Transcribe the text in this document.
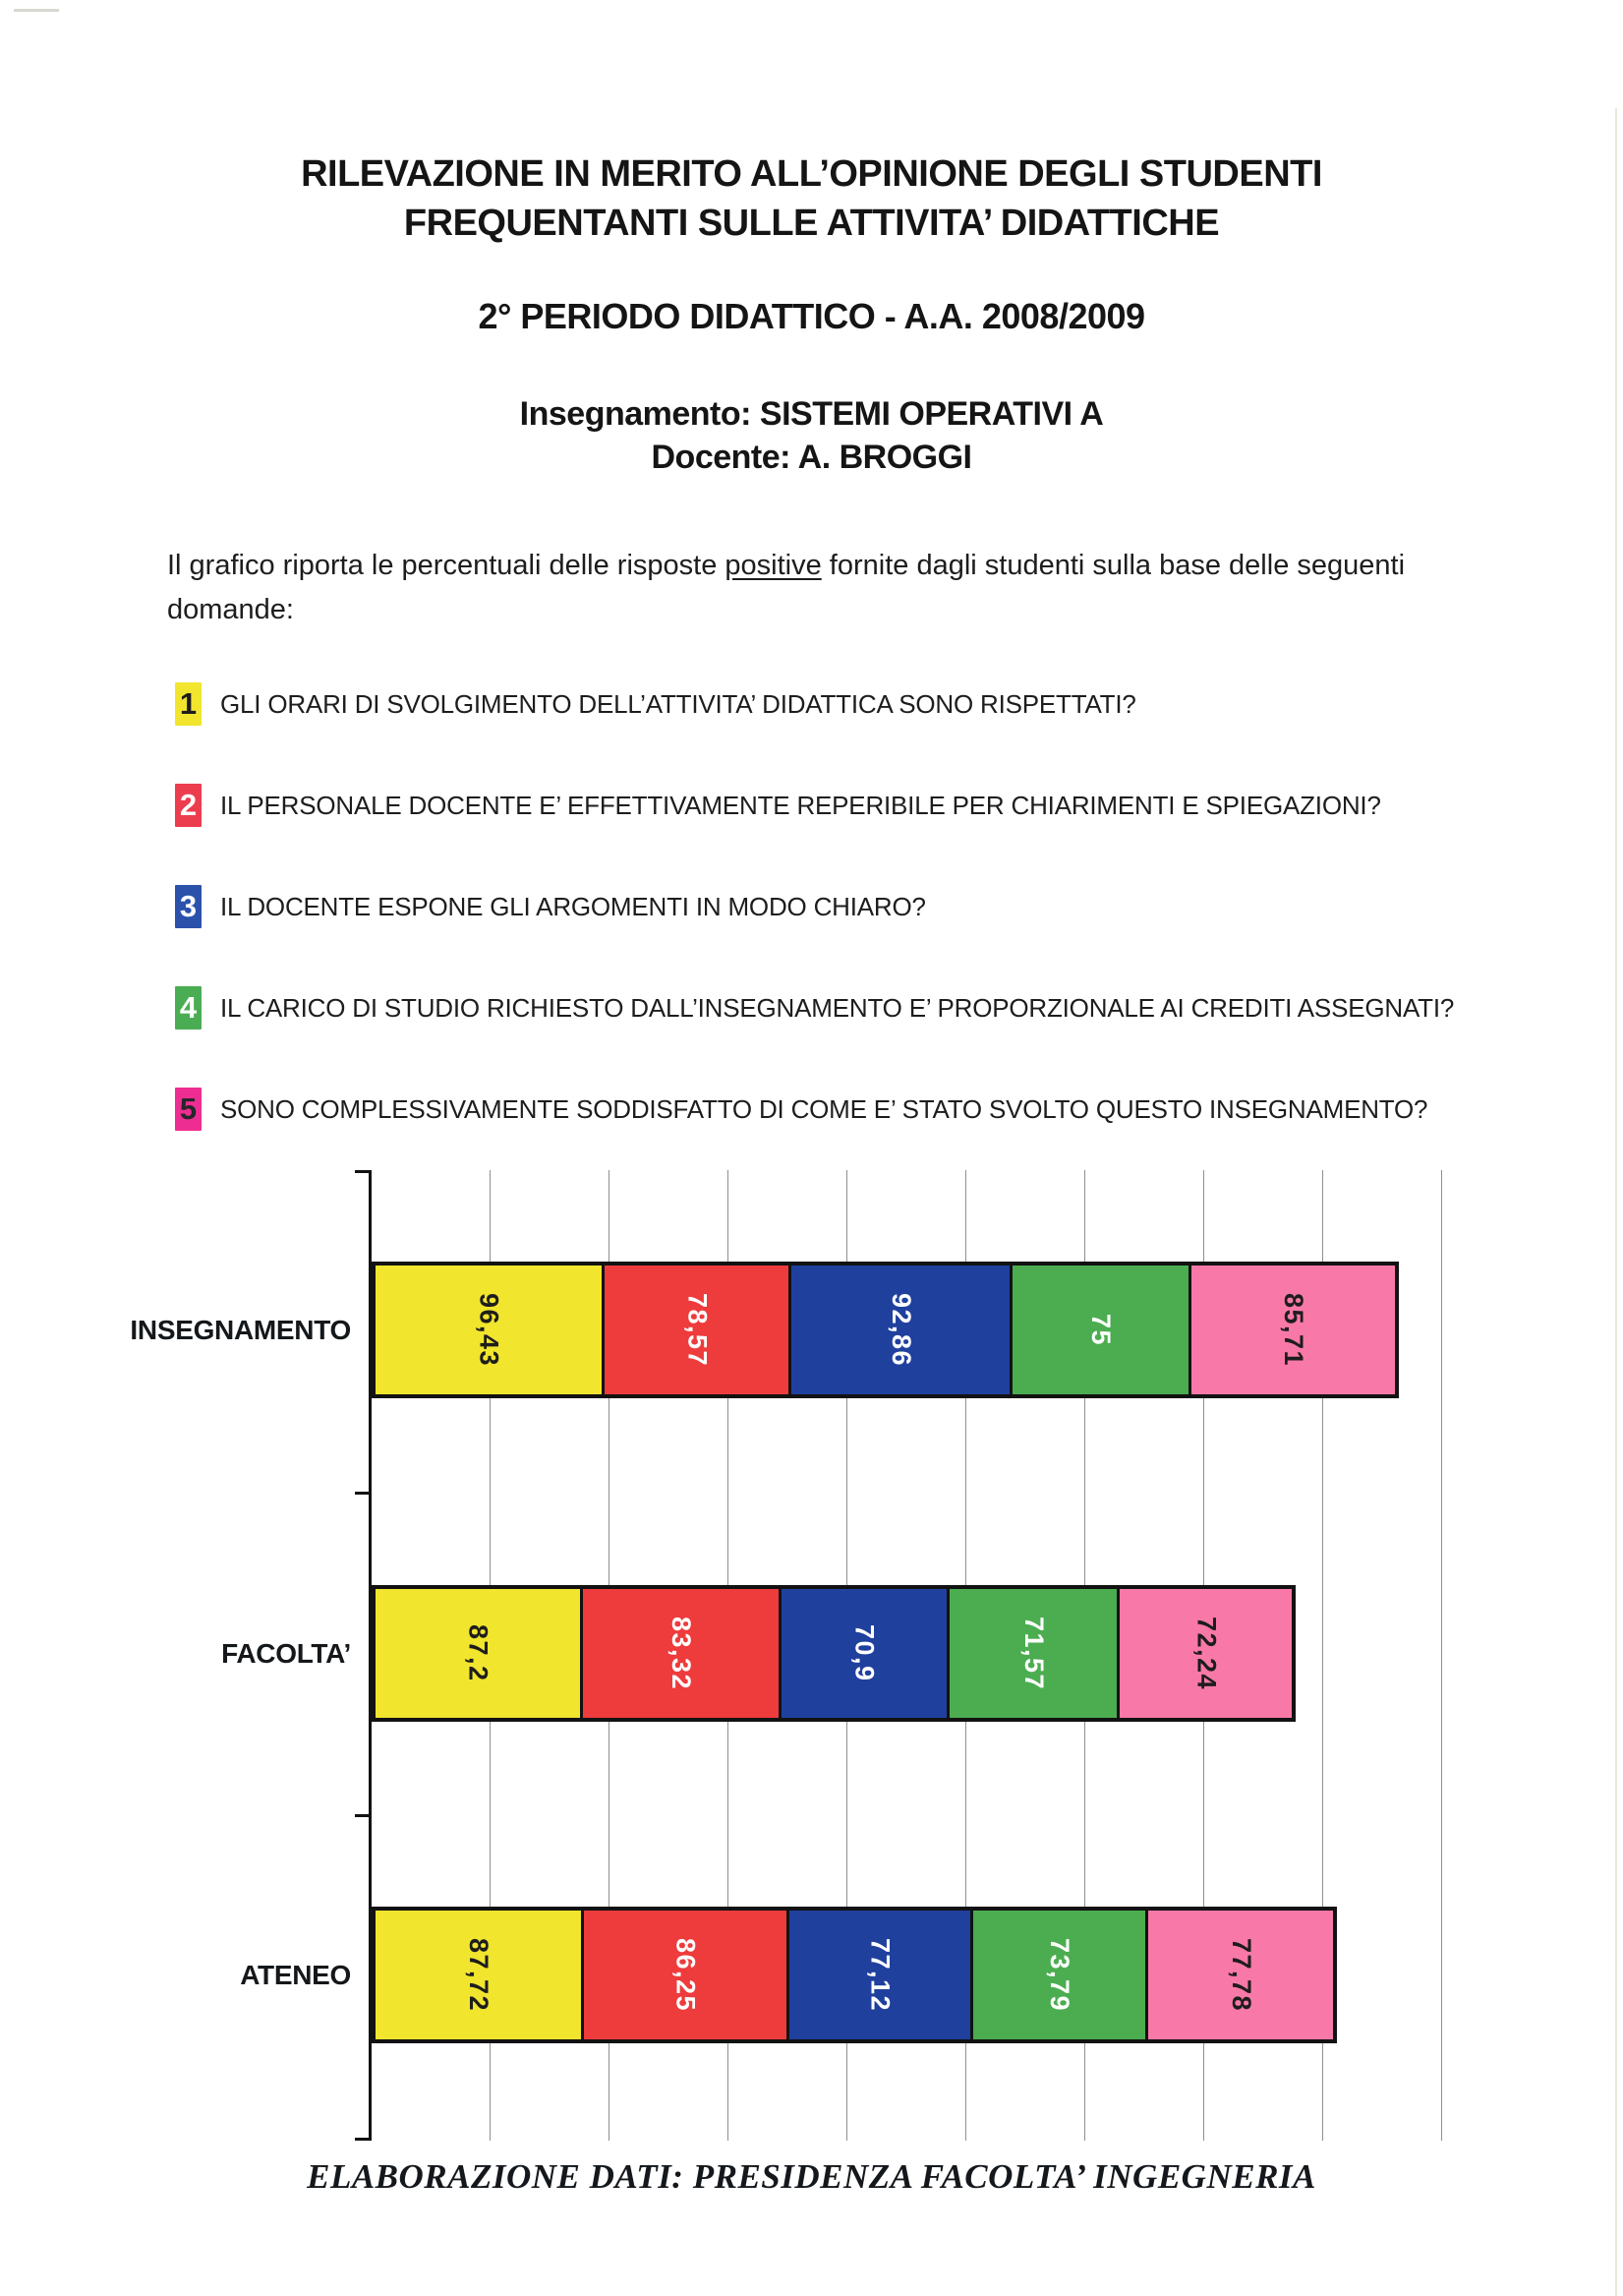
RILEVAZIONE IN MERITO ALL’OPINIONE DEGLI STUDENTI
FREQUENTANTI SULLE ATTIVITA’ DIDATTICHE
2° PERIODO DIDATTICO - A.A. 2008/2009
Insegnamento: SISTEMI OPERATIVI A
Docente: A. BROGGI

Il grafico riporta le percentuali delle risposte positive fornite dagli studenti sulla base delle seguenti
domande:

1 GLI ORARI DI SVOLGIMENTO DELL’ATTIVITA’ DIDATTICA SONO RISPETTATI?
2 IL PERSONALE DOCENTE E’ EFFETTIVAMENTE REPERIBILE PER CHIARIMENTI E SPIEGAZIONI?
3 IL DOCENTE ESPONE GLI ARGOMENTI IN MODO CHIARO?
4 IL CARICO DI STUDIO RICHIESTO DALL’INSEGNAMENTO E’ PROPORZIONALE AI CREDITI ASSEGNATI?
5 SONO COMPLESSIVAMENTE SODDISFATTO DI COME E’ STATO SVOLTO QUESTO INSEGNAMENTO?
96,43	78,57	92,86	75	85,71
87,2	83,32	70,9	71,57	72,24
87,72	86,25	77,12	73,79	77,78
INSEGNAMENTO
FACOLTA’
ATENEO
ELABORAZIONE DATI: PRESIDENZA FACOLTA’ INGEGNERIA
